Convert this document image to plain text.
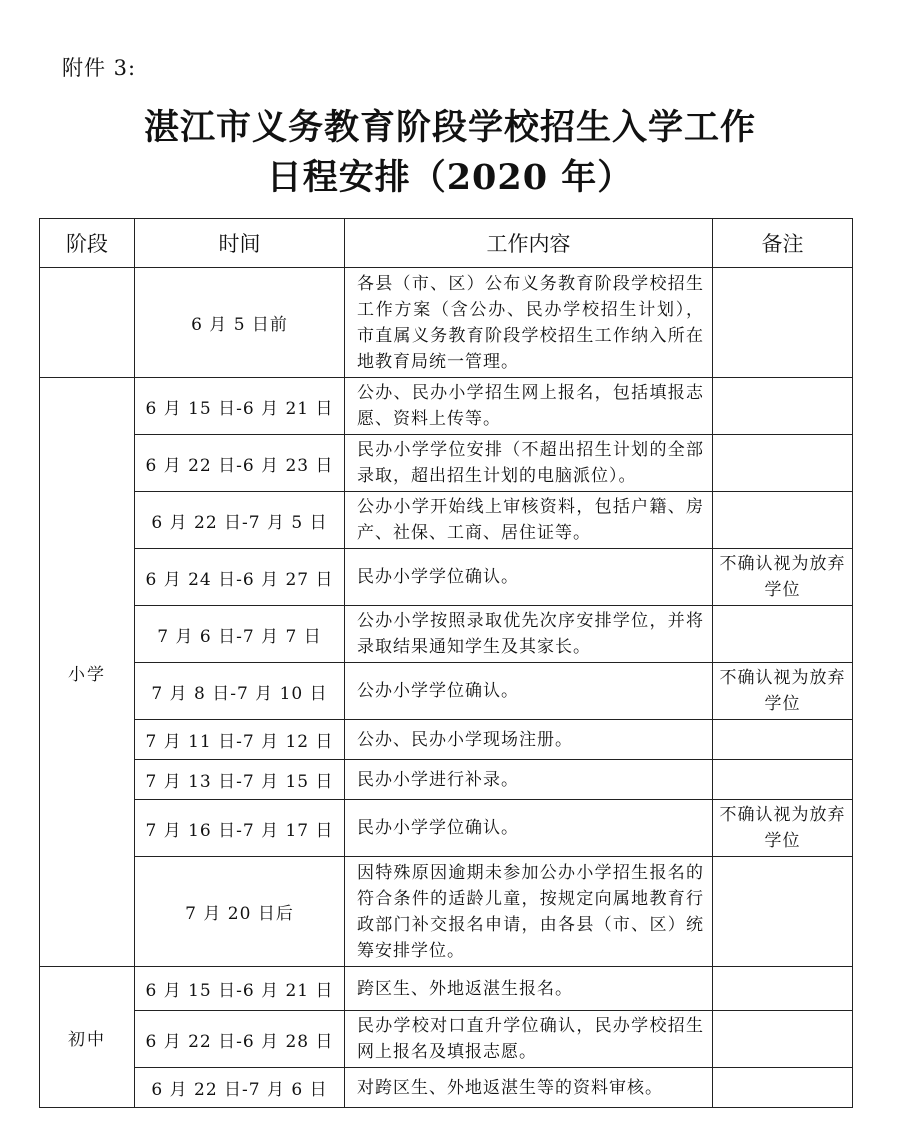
附件 3:
湛江市义务教育阶段学校招生入学工作
日程安排（2020 年）
阶段	时间	工作内容	备注
	6 月 5 日前	各县（市、区）公布义务教育阶段学校招生工作方案（含公办、民办学校招生计划），市直属义务教育阶段学校招生工作纳入所在地教育局统一管理。	
小学	6 月 15 日-6 月 21 日	公办、民办小学招生网上报名，包括填报志愿、资料上传等。	
	6 月 22 日-6 月 23 日	民办小学学位安排（不超出招生计划的全部录取，超出招生计划的电脑派位）。	
	6 月 22 日-7 月 5 日	公办小学开始线上审核资料，包括户籍、房产、社保、工商、居住证等。	
	6 月 24 日-6 月 27 日	民办小学学位确认。	不确认视为放弃学位
	7 月 6 日-7 月 7 日	公办小学按照录取优先次序安排学位，并将录取结果通知学生及其家长。	
	7 月 8 日-7 月 10 日	公办小学学位确认。	不确认视为放弃学位
	7 月 11 日-7 月 12 日	公办、民办小学现场注册。	
	7 月 13 日-7 月 15 日	民办小学进行补录。	
	7 月 16 日-7 月 17 日	民办小学学位确认。	不确认视为放弃学位
	7 月 20 日后	因特殊原因逾期未参加公办小学招生报名的符合条件的适龄儿童，按规定向属地教育行政部门补交报名申请，由各县（市、区）统筹安排学位。	
初中	6 月 15 日-6 月 21 日	跨区生、外地返湛生报名。	
	6 月 22 日-6 月 28 日	民办学校对口直升学位确认，民办学校招生网上报名及填报志愿。	
	6 月 22 日-7 月 6 日	对跨区生、外地返湛生等的资料审核。	
